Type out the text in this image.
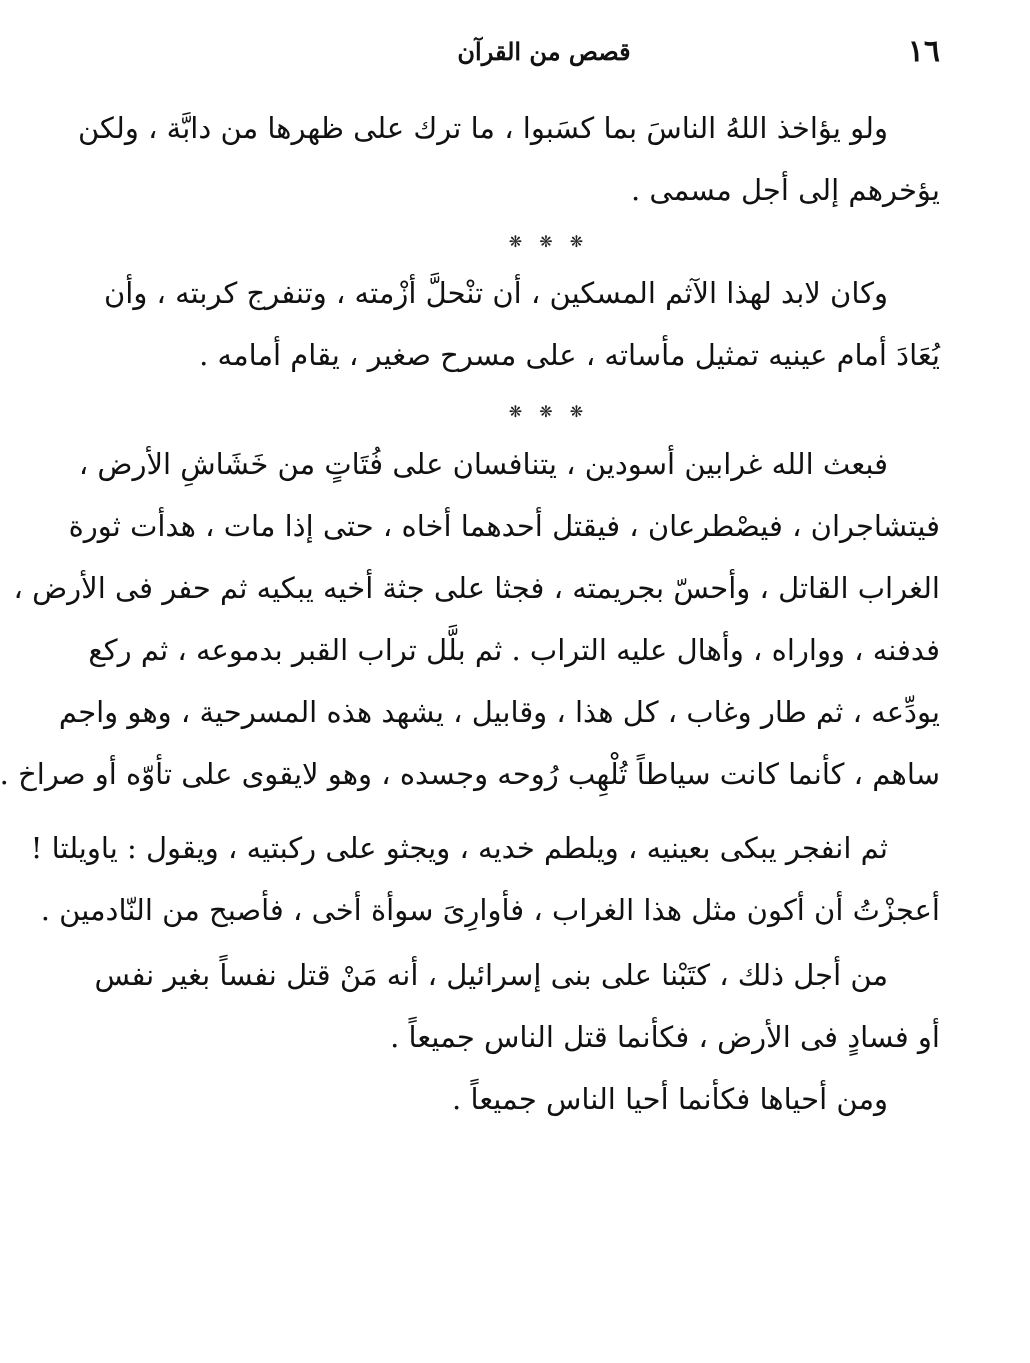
١٦
قصص من القرآن
ولو يؤاخذ اللهُ الناسَ بما كسَبوا ، ما ترك على ظهرها من دابَّة ، ولكن
يؤخرهم إلى أجل مسمى .
❋ ❋ ❋
وكان لابد لهذا الآثم المسكين ، أن تنْحلَّ أزْمته ، وتنفرج كربته ، وأن
يُعَادَ أمام عينيه تمثيل مأساته ، على مسرح صغير ، يقام أمامه .
❋ ❋ ❋
فبعث الله غرابين أسودين ، يتنافسان على فُتَاتٍ من خَشَاشِ الأرض ،
فيتشاجران ، فيصْطرعان ، فيقتل أحدهما أخاه ، حتى إذا مات ، هدأت ثورة
الغراب القاتل ، وأحسّ بجريمته ، فجثا على جثة أخيه يبكيه ثم حفر فى الأرض ،
فدفنه ، وواراه ، وأهال عليه التراب . ثم بلَّل تراب القبر بدموعه ، ثم ركع
يودِّعه ، ثم طار وغاب ، كل هذا ، وقابيل ، يشهد هذه المسرحية ، وهو واجم
ساهم ، كأنما كانت سياطاً تُلْهِب رُوحه وجسده ، وهو لايقوى على تأوّه أو صراخ .
ثم انفجر يبكى بعينيه ، ويلطم خديه ، ويجثو على ركبتيه ، ويقول : ياويلتا !
أعجزْتُ أن أكون مثل هذا الغراب ، فأوارِىَ سوأة أخى ، فأصبح من النّادمين .
من أجل ذلك ، كتَبْنا على بنى إسرائيل ، أنه مَنْ قتل نفساً بغير نفس
أو فسادٍ فى الأرض ، فكأنما قتل الناس جميعاً .
ومن أحياها فكأنما أحيا الناس جميعاً .
